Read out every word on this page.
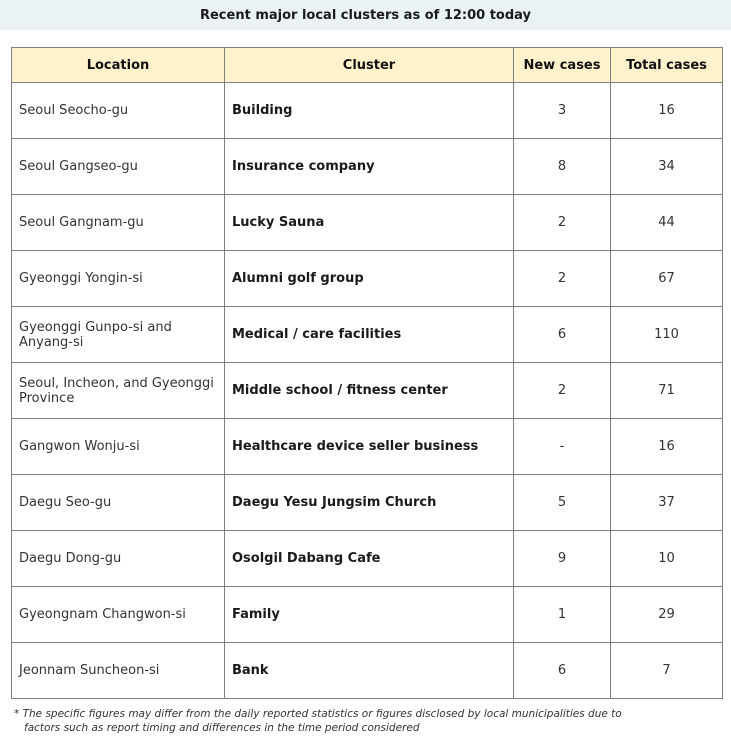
Recent major local clusters as of 12:00 today
Location	Cluster	New cases	Total cases
Seoul Seocho-gu	Building	3	16
Seoul Gangseo-gu	Insurance company	8	34
Seoul Gangnam-gu	Lucky Sauna	2	44
Gyeonggi Yongin-si	Alumni golf group	2	67
Gyeonggi Gunpo-si and Anyang-si	Medical / care facilities	6	110
Seoul, Incheon, and Gyeonggi Province	Middle school / fitness center	2	71
Gangwon Wonju-si	Healthcare device seller business	-	16
Daegu Seo-gu	Daegu Yesu Jungsim Church	5	37
Daegu Dong-gu	Osolgil Dabang Cafe	9	10
Gyeongnam Changwon-si	Family	1	29
Jeonnam Suncheon-si	Bank	6	7
* The specific figures may differ from the daily reported statistics or figures disclosed by local municipalities due to
factors such as report timing and differences in the time period considered
